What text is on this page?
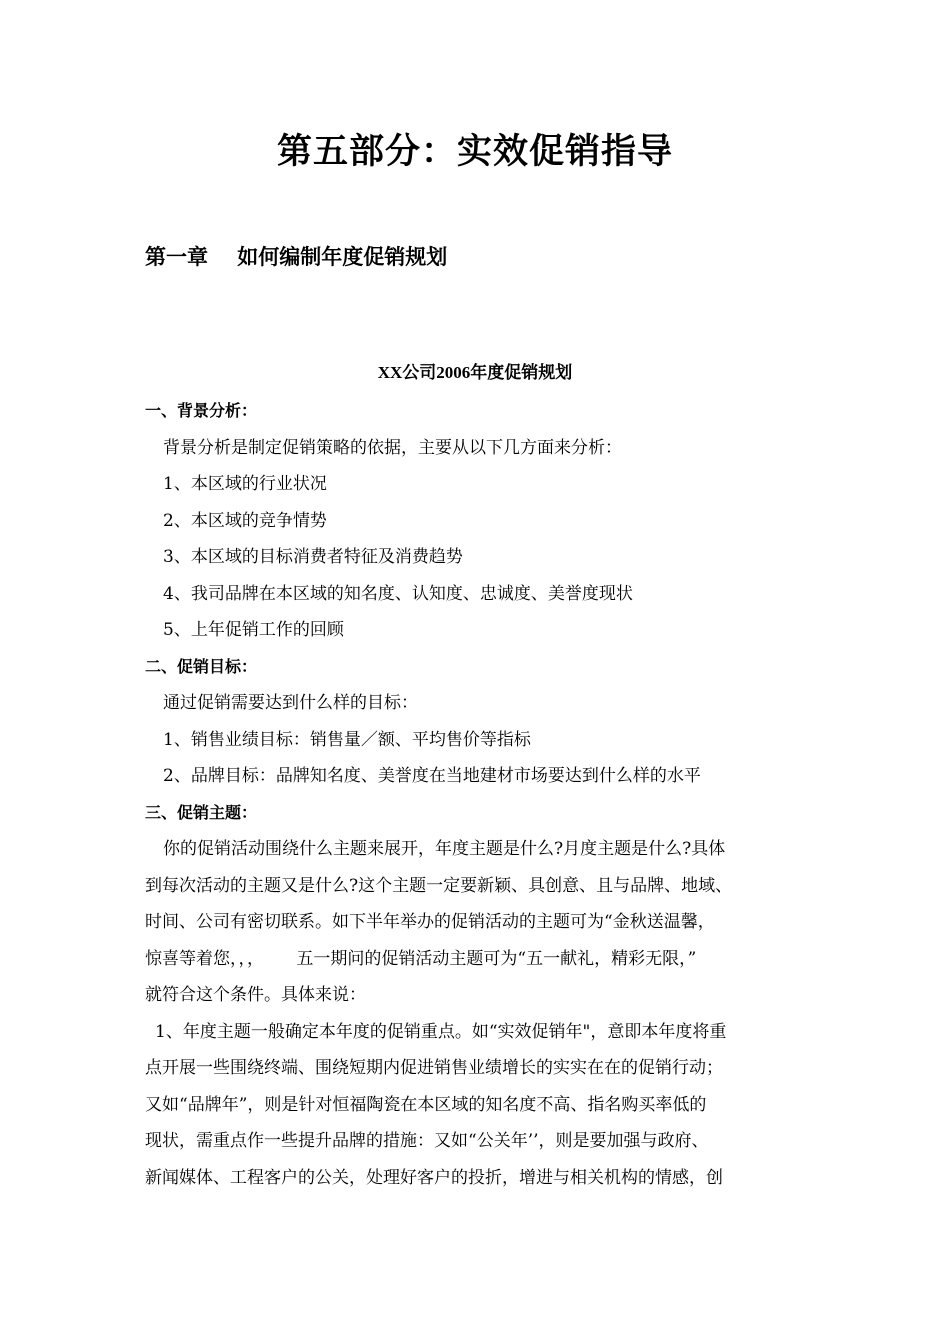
第五部分：实效促销指导
第一章    如何编制年度促销规划
XX公司2006年度促销规划
一、背景分析：
背景分析是制定促销策略的依据，主要从以下几方面来分析：
1、本区域的行业状况
2、本区域的竞争情势
3、本区域的目标消费者特征及消费趋势
4、我司品牌在本区域的知名度、认知度、忠诚度、美誉度现状
5、上年促销工作的回顾
二、促销目标：
通过促销需要达到什么样的目标：
1、销售业绩目标：销售量／额、平均售价等指标
2、品牌目标：品牌知名度、美誉度在当地建材市场要达到什么样的水平
三、促销主题：
你的促销活动围绕什么主题来展开，年度主题是什么?月度主题是什么?具体
到每次活动的主题又是什么?这个主题一定要新颖、具创意、且与品牌、地域、
时间、公司有密切联系。如下半年举办的促销活动的主题可为“金秋送温馨，
惊喜等着您，，，      五一期问的促销活动主题可为“五一献礼，精彩无限，”
就符合这个条件。具体来说：
1、年度主题一般确定本年度的促销重点。如“实效促销年"，意即本年度将重
点开展一些围绕终端、围绕短期内促进销售业绩增长的实实在在的促销行动；
又如“品牌年”，则是针对恒福陶瓷在本区域的知名度不高、指名购买率低的
现状，需重点作一些提升品牌的措施：又如“公关年’’，则是要加强与政府、
新闻媒体、工程客户的公关，处理好客户的投折，增进与相关机构的情感，创
